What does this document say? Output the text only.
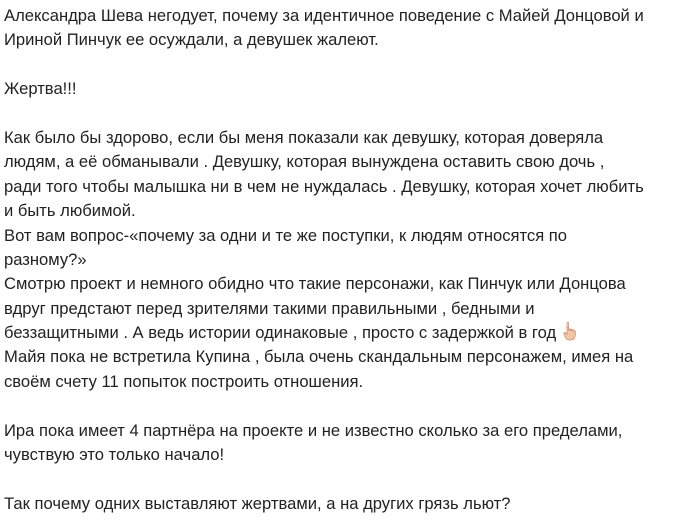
Александра Шева негодует, почему за идентичное поведение с Майей Донцовой и
Ириной Пинчук ее осуждали, а девушек жалеют.
Жертва!!!
Как было бы здорово, если бы меня показали как девушку, которая доверяла
людям, а её обманывали . Девушку, которая вынуждена оставить свою дочь ,
ради того чтобы малышка ни в чем не нуждалась . Девушку, которая хочет любить
и быть любимой.
Вот вам вопрос-«почему за одни и те же поступки, к людям относятся по
разному?»
Смотрю проект и немного обидно что такие персонажи, как Пинчук или Донцова
вдруг предстают перед зрителями такими правильными , бедными и
беззащитными . А ведь истории одинаковые , просто с задержкой в год
Майя пока не встретила Купина , была очень скандальным персонажем, имея на
своём счету 11 попыток построить отношения.
Ира пока имеет 4 партнёра на проекте и не известно сколько за его пределами,
чувствую это только начало!
Так почему одних выставляют жертвами, а на других грязь льют?
